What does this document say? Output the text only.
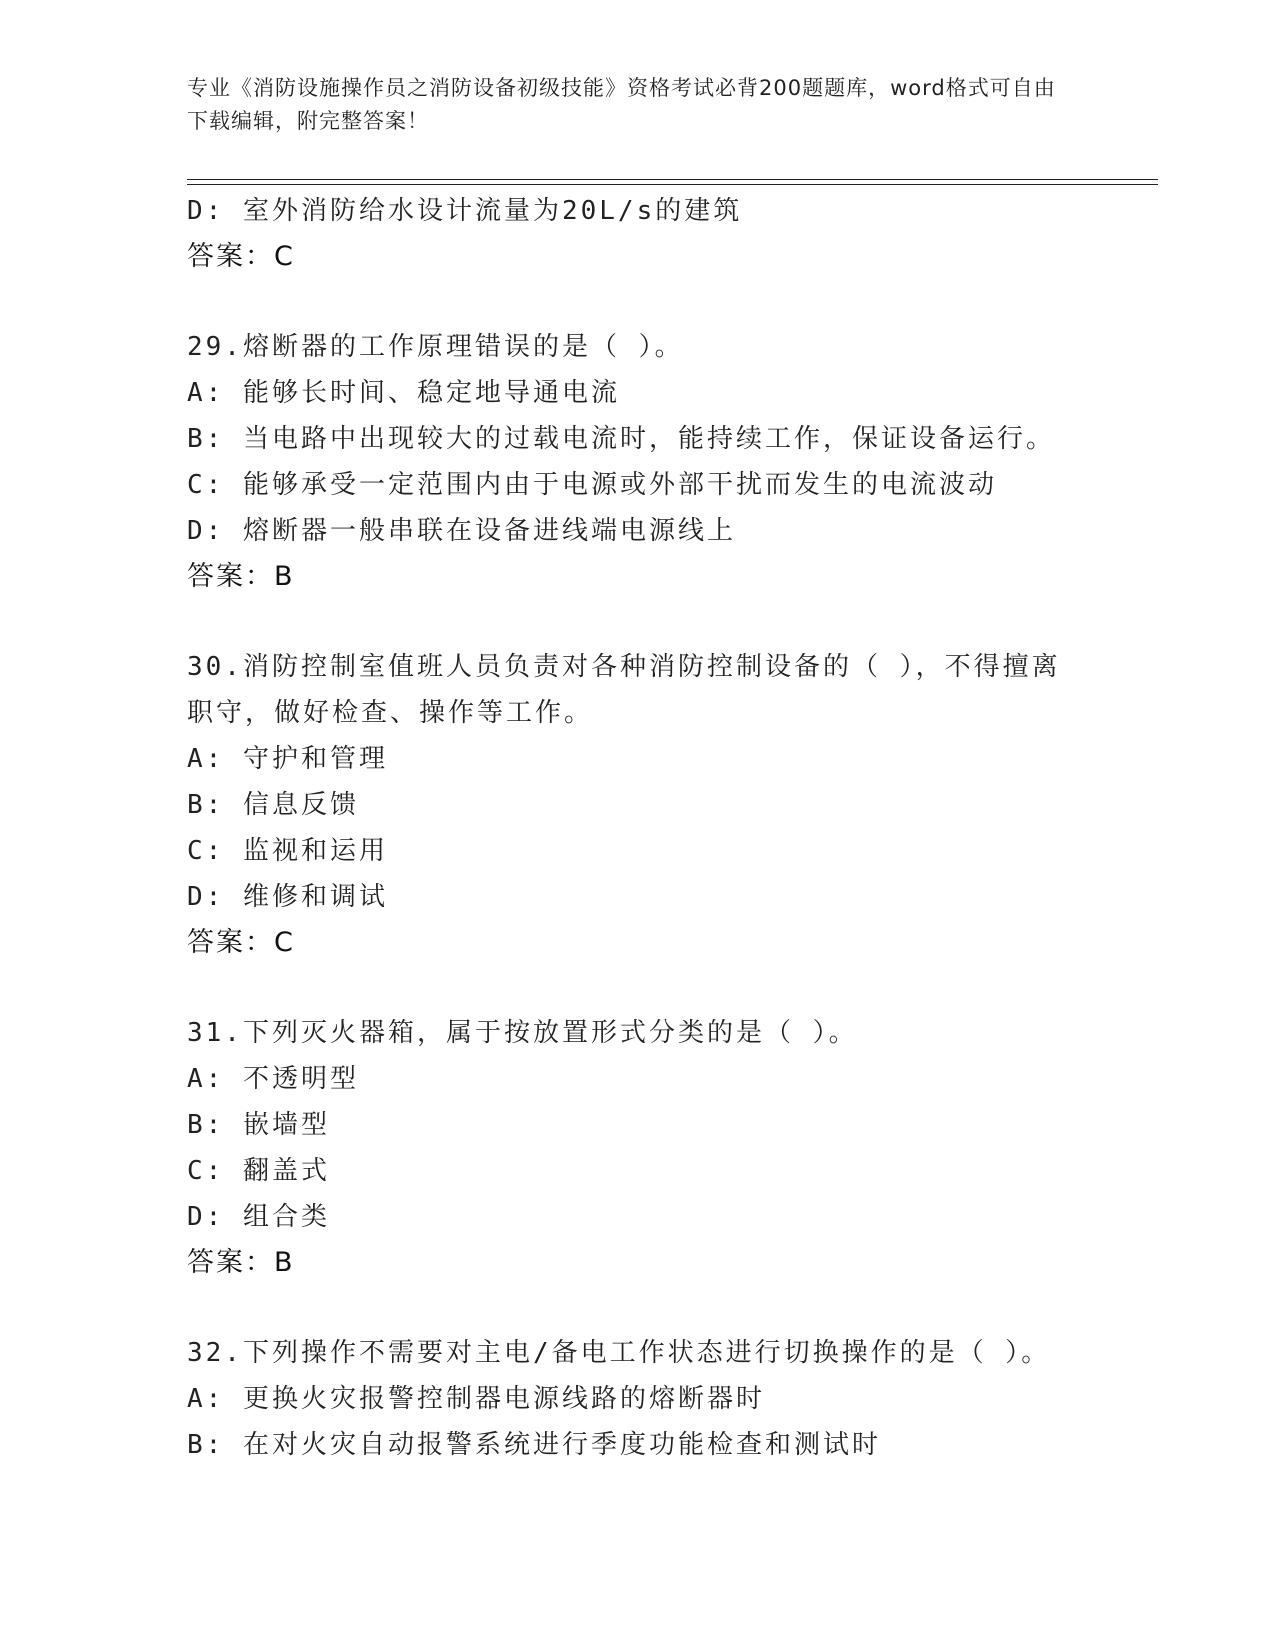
专业《消防设施操作员之消防设备初级技能》资格考试必背200题题库，word格式可自由下载编辑，附完整答案！
D: 室外消防给水设计流量为20L/s的建筑
答案：C
29.熔断器的工作原理错误的是（ ）。
A: 能够长时间、稳定地导通电流
B: 当电路中出现较大的过载电流时，能持续工作，保证设备运行。
C: 能够承受一定范围内由于电源或外部干扰而发生的电流波动
D: 熔断器一般串联在设备进线端电源线上
答案：B
30.消防控制室值班人员负责对各种消防控制设备的（ ），不得擅离
职守，做好检查、操作等工作。
A: 守护和管理
B: 信息反馈
C: 监视和运用
D: 维修和调试
答案：C
31.下列灭火器箱，属于按放置形式分类的是（ ）。
A: 不透明型
B: 嵌墙型
C: 翻盖式
D: 组合类
答案：B
32.下列操作不需要对主电/备电工作状态进行切换操作的是（ ）。
A: 更换火灾报警控制器电源线路的熔断器时
B: 在对火灾自动报警系统进行季度功能检查和测试时
